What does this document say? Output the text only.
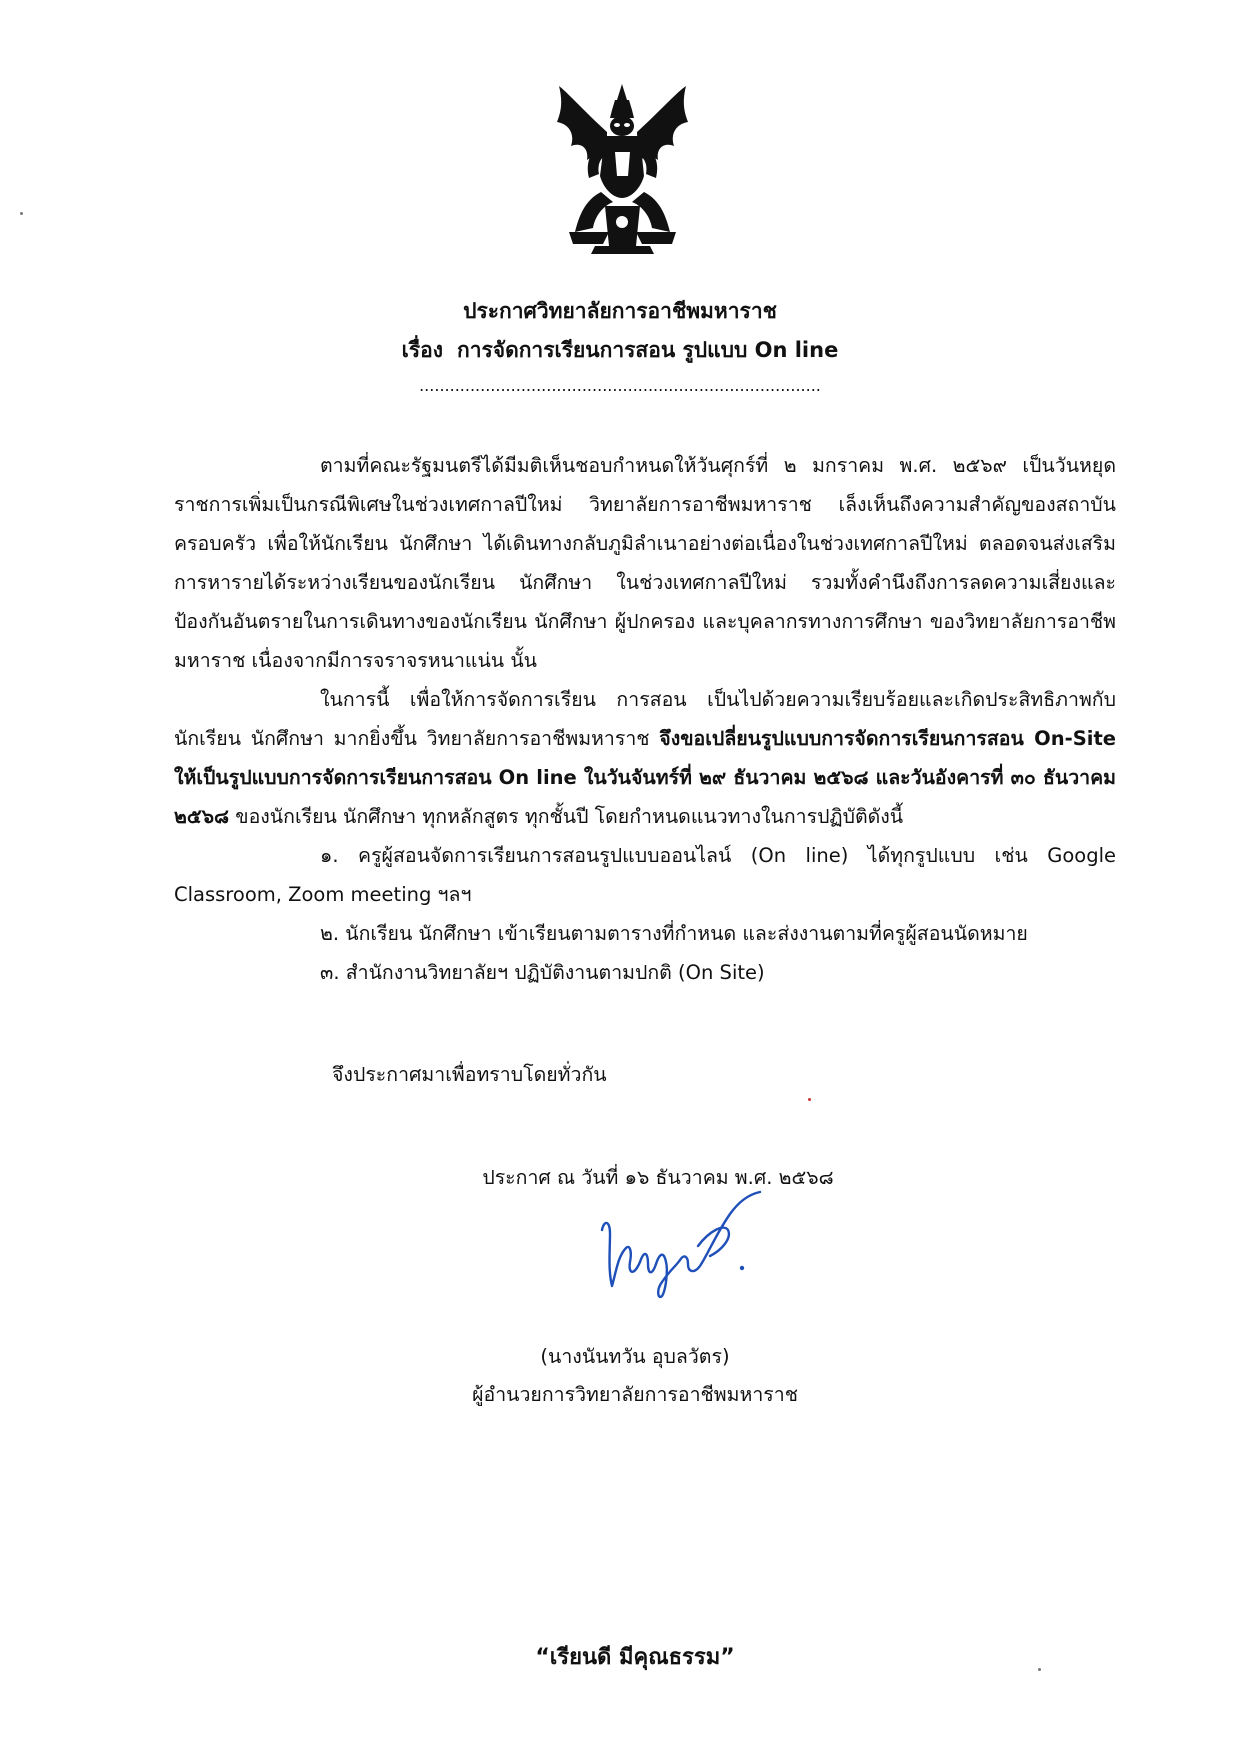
ประกาศวิทยาลัยการอาชีพมหาราช
เรื่อง การจัดการเรียนการสอน รูปแบบ On line
...............................................................................

ตามที่คณะรัฐมนตรีได้มีมติเห็นชอบกำหนดให้วันศุกร์ที่ ๒ มกราคม พ.ศ. ๒๕๖๙ เป็นวันหยุดราชการเพิ่มเป็นกรณีพิเศษในช่วงเทศกาลปีใหม่ วิทยาลัยการอาชีพมหาราช เล็งเห็นถึงความสำคัญของสถาบันครอบครัว เพื่อให้นักเรียน นักศึกษา ได้เดินทางกลับภูมิลำเนาอย่างต่อเนื่องในช่วงเทศกาลปีใหม่ ตลอดจนส่งเสริมการหารายได้ระหว่างเรียนของนักเรียน นักศึกษา ในช่วงเทศกาลปีใหม่ รวมทั้งคำนึงถึงการลดความเสี่ยงและป้องกันอันตรายในการเดินทางของนักเรียน นักศึกษา ผู้ปกครอง และบุคลากรทางการศึกษา ของวิทยาลัยการอาชีพมหาราช เนื่องจากมีการจราจรหนาแน่น นั้น

ในการนี้ เพื่อให้การจัดการเรียน การสอน เป็นไปด้วยความเรียบร้อยและเกิดประสิทธิภาพกับนักเรียน นักศึกษา มากยิ่งขึ้น วิทยาลัยการอาชีพมหาราช จึงขอเปลี่ยนรูปแบบการจัดการเรียนการสอน On-Site ให้เป็นรูปแบบการจัดการเรียนการสอน On line ในวันจันทร์ที่ ๒๙ ธันวาคม ๒๕๖๘ และวันอังคารที่ ๓๐ ธันวาคม ๒๕๖๘ ของนักเรียน นักศึกษา ทุกหลักสูตร ทุกชั้นปี โดยกำหนดแนวทางในการปฏิบัติดังนี้

๑. ครูผู้สอนจัดการเรียนการสอนรูปแบบออนไลน์ (On line) ได้ทุกรูปแบบ เช่น Google Classroom, Zoom meeting ฯลฯ

๒. นักเรียน นักศึกษา เข้าเรียนตามตารางที่กำหนด และส่งงานตามที่ครูผู้สอนนัดหมาย

๓. สำนักงานวิทยาลัยฯ ปฏิบัติงานตามปกติ (On Site)

จึงประกาศมาเพื่อทราบโดยทั่วกัน
ประกาศ ณ วันที่ ๑๖ ธันวาคม พ.ศ. ๒๕๖๘
(นางนันทวัน อุบลวัตร)
ผู้อำนวยการวิทยาลัยการอาชีพมหาราช
“เรียนดี มีคุณธรรม”
